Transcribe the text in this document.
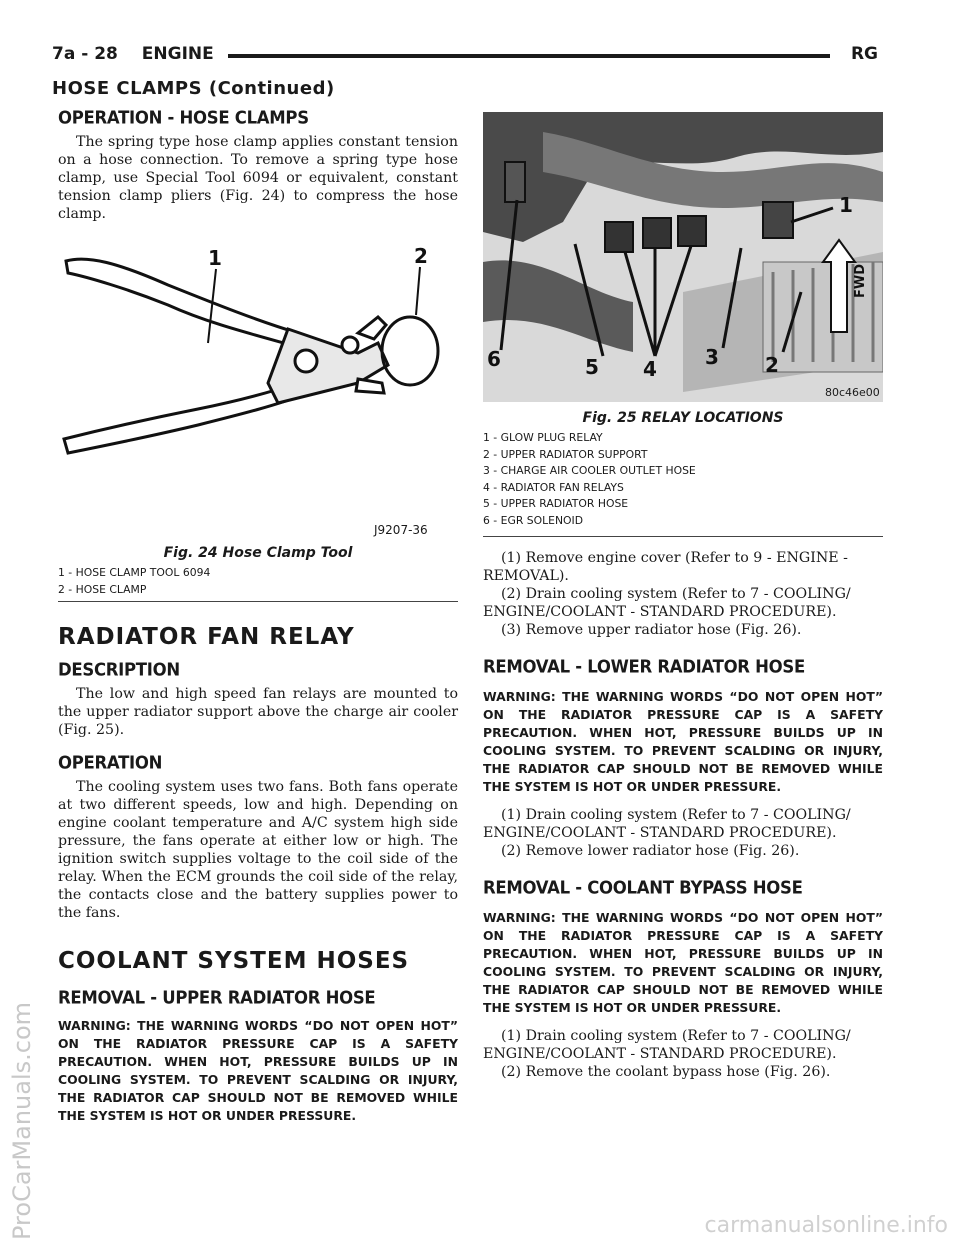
7a - 28 ENGINE	RG
HOSE CLAMPS (Continued)
OPERATION - HOSE CLAMPS

The spring type hose clamp applies constant tension on a hose connection. To remove a spring type hose clamp, use Special Tool 6094 or equivalent, constant tension clamp pliers (Fig. 24) to compress the hose clamp.

1	2
J9207-36
Fig. 24 Hose Clamp Tool
1 - HOSE CLAMP TOOL 6094
2 - HOSE CLAMP
RADIATOR FAN RELAY
DESCRIPTION

The low and high speed fan relays are mounted to the upper radiator support above the charge air cooler (Fig. 25).

OPERATION

The cooling system uses two fans. Both fans operate at two different speeds, low and high. Depending on engine coolant temperature and A/C system high side pressure, the fans operate at either low or high. The ignition switch supplies voltage to the coil side of the relay. When the ECM grounds the coil side of the relay, the contacts close and the battery supplies power to the fans.

COOLANT SYSTEM HOSES
REMOVAL - UPPER RADIATOR HOSE

WARNING: THE WARNING WORDS “DO NOT OPEN HOT” ON THE RADIATOR PRESSURE CAP IS A SAFETY PRECAUTION. WHEN HOT, PRESSURE BUILDS UP IN COOLING SYSTEM. TO PREVENT SCALDING OR INJURY, THE RADIATOR CAP SHOULD NOT BE REMOVED WHILE THE SYSTEM IS HOT OR UNDER PRESSURE.

FWD
1
2
3
4
5
6
80c46e00
Fig. 25 RELAY LOCATIONS
1 - GLOW PLUG RELAY
2 - UPPER RADIATOR SUPPORT
3 - CHARGE AIR COOLER OUTLET HOSE
4 - RADIATOR FAN RELAYS
5 - UPPER RADIATOR HOSE
6 - EGR SOLENOID

(1) Remove engine cover (Refer to 9 - ENGINE - REMOVAL).

(2) Drain cooling system (Refer to 7 - COOLING/ ENGINE/COOLANT - STANDARD PROCEDURE).

(3) Remove upper radiator hose (Fig. 26).

REMOVAL - LOWER RADIATOR HOSE

WARNING: THE WARNING WORDS “DO NOT OPEN HOT” ON THE RADIATOR PRESSURE CAP IS A SAFETY PRECAUTION. WHEN HOT, PRESSURE BUILDS UP IN COOLING SYSTEM. TO PREVENT SCALDING OR INJURY, THE RADIATOR CAP SHOULD NOT BE REMOVED WHILE THE SYSTEM IS HOT OR UNDER PRESSURE.

(1) Drain cooling system (Refer to 7 - COOLING/ ENGINE/COOLANT - STANDARD PROCEDURE).

(2) Remove lower radiator hose (Fig. 26).

REMOVAL - COOLANT BYPASS HOSE

WARNING: THE WARNING WORDS “DO NOT OPEN HOT” ON THE RADIATOR PRESSURE CAP IS A SAFETY PRECAUTION. WHEN HOT, PRESSURE BUILDS UP IN COOLING SYSTEM. TO PREVENT SCALDING OR INJURY, THE RADIATOR CAP SHOULD NOT BE REMOVED WHILE THE SYSTEM IS HOT OR UNDER PRESSURE.

(1) Drain cooling system (Refer to 7 - COOLING/ ENGINE/COOLANT - STANDARD PROCEDURE).

(2) Remove the coolant bypass hose (Fig. 26).

ProCarManuals.com	carmanualsonline.info
